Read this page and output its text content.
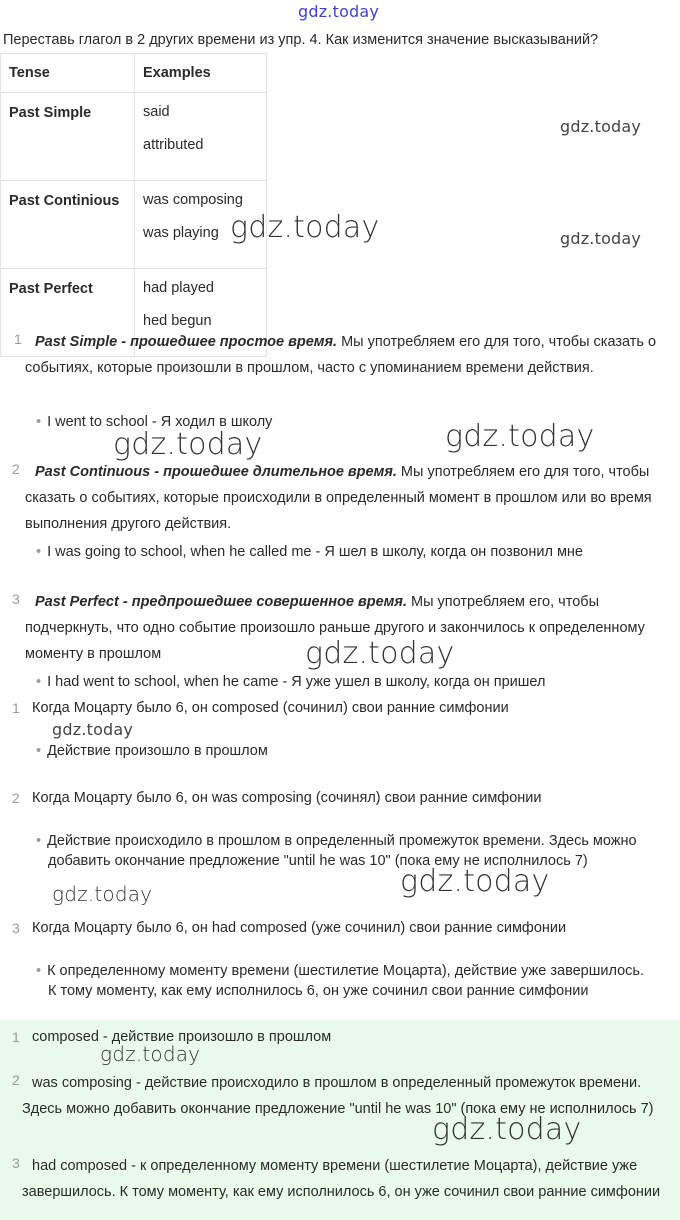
gdz.today
Переставь глагол в 2 других времени из упр. 4. Как изменится значение высказываний?
Tense	Examples
Past Simple	said
attributed

Past Continious	was composing
was playing

Past Perfect	had played
hed begun
1 Past Simple - прошедшее простое время. Мы употребляем его для того, чтобы сказать о событиях, которые произошли в прошлом, часто с упоминанием времени действия.
• I went to school - Я ходил в школу
2	Past Continuous - прошедшее длительное время. Мы употребляем его для того, чтобы сказать о событиях, которые происходили в определенный момент в прошлом или во время выполнения другого действия.
• I was going to school, when he called me - Я шел в школу, когда он позвонил мне
3	Past Perfect - предпрошедшее совершенное время. Мы употребляем его, чтобы подчеркнуть, что одно событие произошло раньше другого и закончилось к определенному моменту в прошлом
• I had went to school, when he came - Я уже ушел в школу, когда он пришел
1 Когда Моцарту было 6, он composed (сочинил) свои ранние симфонии
• Действие произошло в прошлом
2 Когда Моцарту было 6, он was composing (сочинял) свои ранние симфонии
• Действие происходило в прошлом в определенный промежуток времени. Здесь можно добавить окончание предложение "until he was 10" (пока ему не исполнилось 7)
3 Когда Моцарту было 6, он had composed (уже сочинил) свои ранние симфонии
• К определенному моменту времени (шестилетие Моцарта), действие уже завершилось. К тому моменту, как ему исполнилось 6, он уже сочинил свои ранние симфонии
1 composed - действие произошло в прошлом
2 was composing - действие происходило в прошлом в определенный промежуток времени. Здесь можно добавить окончание предложение "until he was 10" (пока ему не исполнилось 7)
3 had composed - к определенному моменту времени (шестилетие Моцарта), действие уже завершилось. К тому моменту, как ему исполнилось 6, он уже сочинил свои ранние симфонии
gdz.today
gdz.today
gdz.today
gdz.today	gdz.today
gdz.today
gdz.today
gdz.today
gdz.today
gdz.today
gdz.today
